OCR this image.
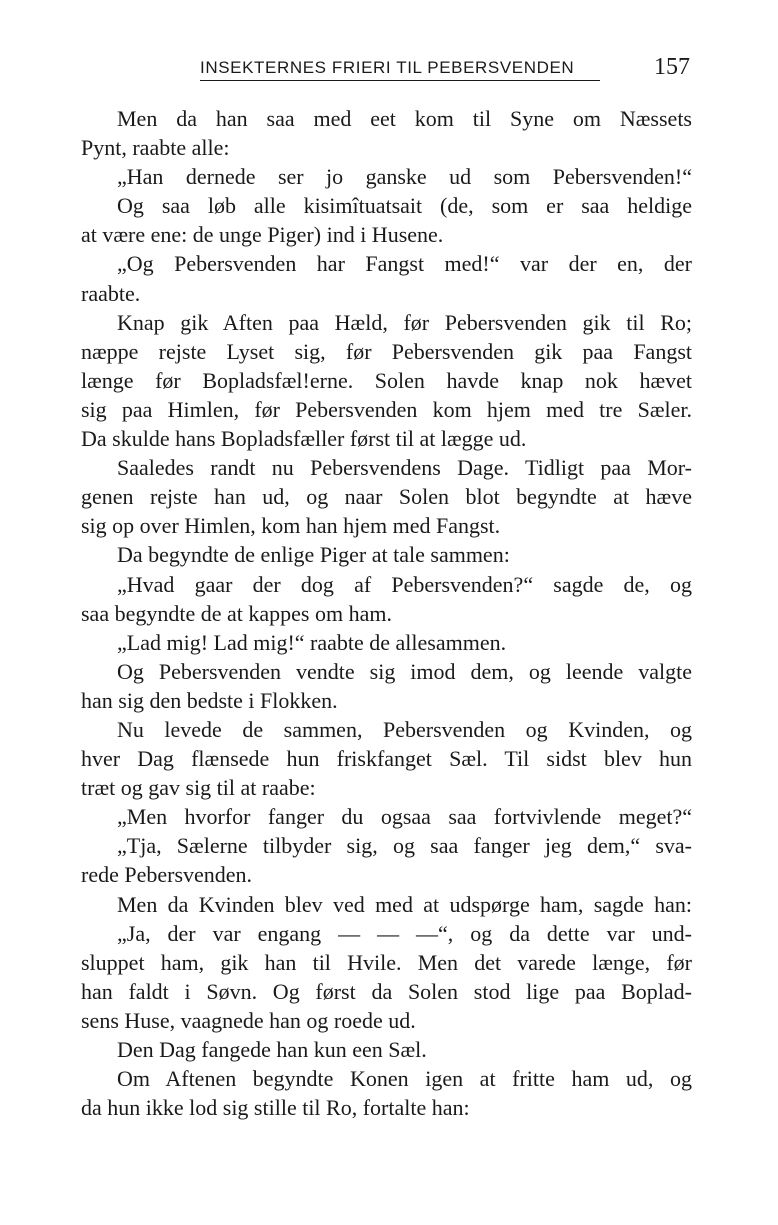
INSEKTERNES FRIERI TIL PEBERSVENDEN	157
Men da han saa med eet kom til Syne om Næssets
Pynt, raabte alle:
„Han dernede ser jo ganske ud som Pebersvenden!“
Og saa løb alle kisimîtuatsait (de, som er saa heldige
at være ene: de unge Piger) ind i Husene.
„Og Pebersvenden har Fangst med!“ var der en, der
raabte.
Knap gik Aften paa Hæld, før Pebersvenden gik til Ro;
næppe rejste Lyset sig, før Pebersvenden gik paa Fangst
længe før Bopladsfæl!erne. Solen havde knap nok hævet
sig paa Himlen, før Pebersvenden kom hjem med tre Sæler.
Da skulde hans Bopladsfæller først til at lægge ud.
Saaledes randt nu Pebersvendens Dage. Tidligt paa Mor-
genen rejste han ud, og naar Solen blot begyndte at hæve
sig op over Himlen, kom han hjem med Fangst.
Da begyndte de enlige Piger at tale sammen:
„Hvad gaar der dog af Pebersvenden?“ sagde de, og
saa begyndte de at kappes om ham.
„Lad mig! Lad mig!“ raabte de allesammen.
Og Pebersvenden vendte sig imod dem, og leende valgte
han sig den bedste i Flokken.
Nu levede de sammen, Pebersvenden og Kvinden, og
hver Dag flænsede hun friskfanget Sæl. Til sidst blev hun
træt og gav sig til at raabe:
„Men hvorfor fanger du ogsaa saa fortvivlende meget?“
„Tja, Sælerne tilbyder sig, og saa fanger jeg dem,“ sva-
rede Pebersvenden.
Men da Kvinden blev ved med at udspørge ham, sagde han:
„Ja, der var engang — — —“, og da dette var und-
sluppet ham, gik han til Hvile. Men det varede længe, før
han faldt i Søvn. Og først da Solen stod lige paa Boplad-
sens Huse, vaagnede han og roede ud.
Den Dag fangede han kun een Sæl.
Om Aftenen begyndte Konen igen at fritte ham ud, og
da hun ikke lod sig stille til Ro, fortalte han:
